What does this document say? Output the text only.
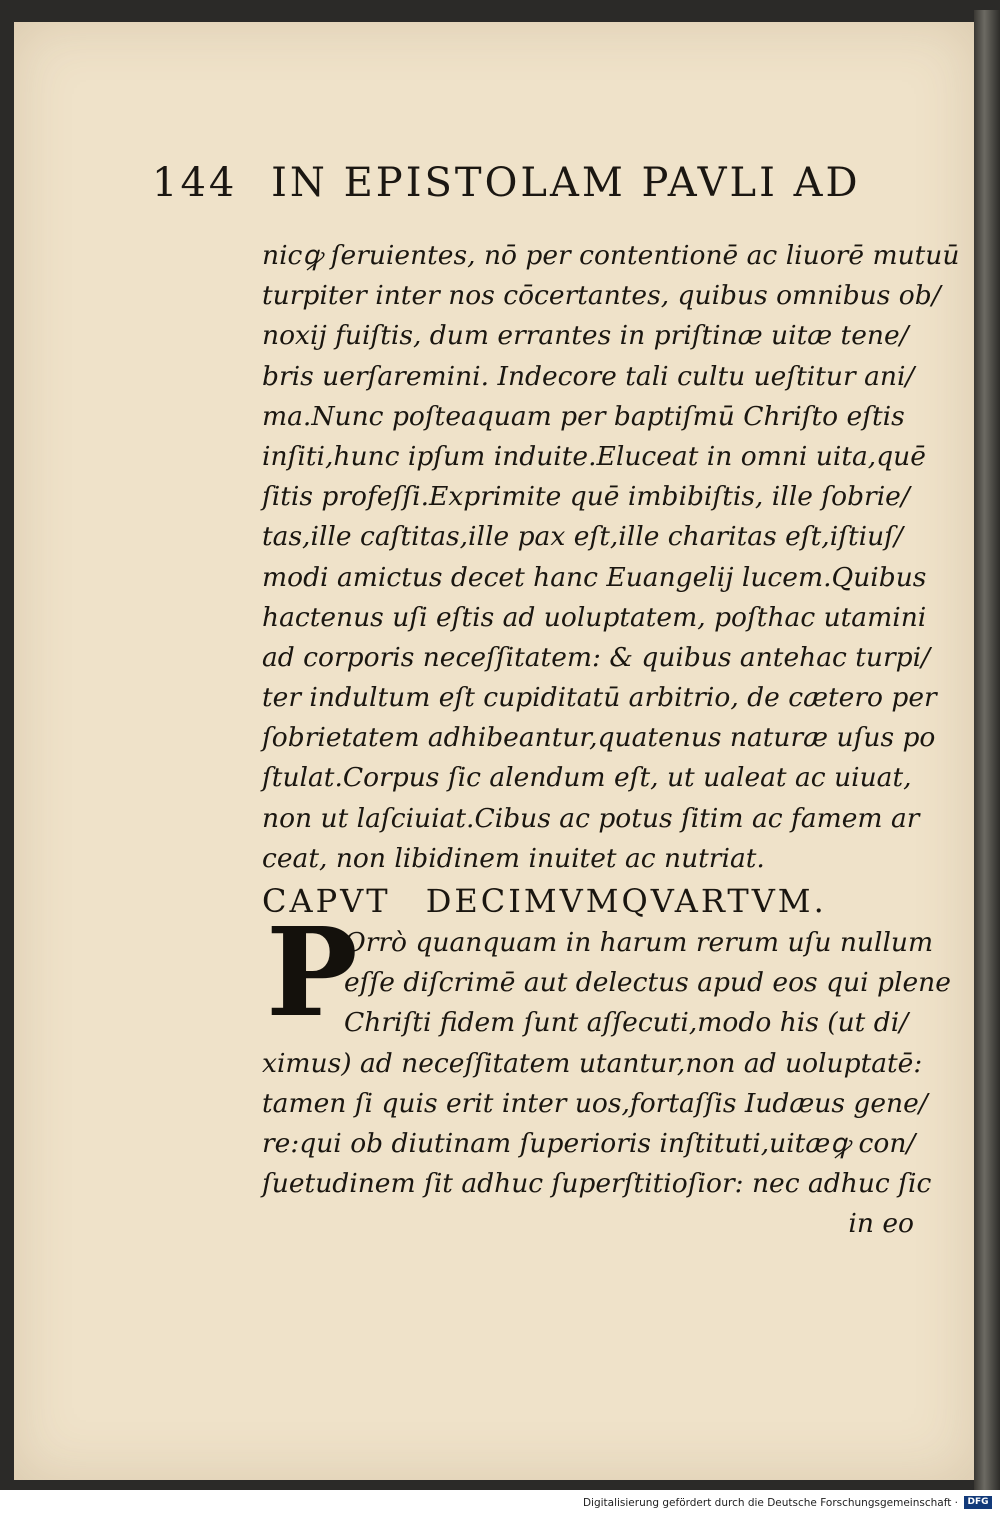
144 IN EPISTOLAM PAVLI AD
nicꝙ ſeruientes, nō per contentionē ac liuorē mutuū
turpiter inter nos cōcertantes, quibus omnibus ob/
noxij fuiſtis, dum errantes in priſtinæ uitæ tene/
bris uerſaremini. Indecore tali cultu ueſtitur ani/
ma.Nunc poſteaquam per baptiſmū Chriſto eſtis
inſiti,hunc ipſum induite.Eluceat in omni uita,quē
ſitis profeſſi.Exprimite quē imbibiſtis, ille ſobrie/
tas,ille caſtitas,ille pax eſt,ille charitas eſt,iſtiuſ/
modi amictus decet hanc Euangelij lucem.Quibus
hactenus uſi eſtis ad uoluptatem, poſthac utamini
ad corporis neceſſitatem: & quibus antehac turpi/
ter indultum eſt cupiditatū arbitrio, de cætero per
ſobrietatem adhibeantur,quatenus naturæ uſus po
ſtulat.Corpus ſic alendum eſt, ut ualeat ac uiuat,
non ut laſciuiat.Cibus ac potus ſitim ac famem ar
ceat, non libidinem inuitet ac nutriat.
CAPVT DECIMVMQVARTVM.
Orrò quanquam in harum rerum uſu nullum
eſſe diſcrimē aut delectus apud eos qui plene
Chriſti fidem ſunt aſſecuti,modo his (ut di/
ximus) ad neceſſitatem utantur,non ad uoluptatē:
tamen ſi quis erit inter uos,fortaſſis Iudæus gene/
re:qui ob diutinam ſuperioris inſtituti,uitæꝙ con/
ſuetudinem ſit adhuc ſuperſtitioſior: nec adhuc ſic
in eo
P
Digitalisierung gefördert durch die Deutsche Forschungsgemeinschaft ·	DFG
